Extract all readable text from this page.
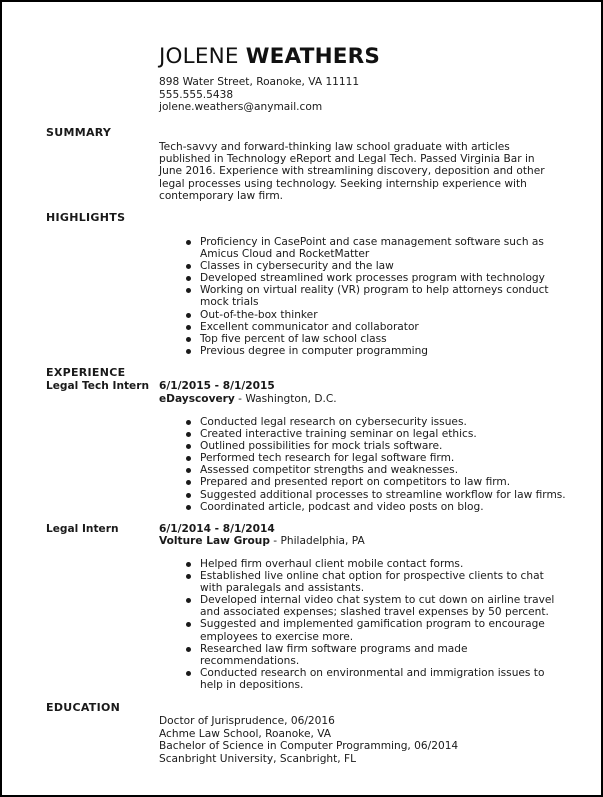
JOLENE WEATHERS
898 Water Street, Roanoke, VA 11111
555.555.5438
jolene.weathers@anymail.com
SUMMARY
Tech-savvy and forward-thinking law school graduate with articles published in Technology eReport and Legal Tech. Passed Virginia Bar in June 2016. Experience with streamlining discovery, deposition and other legal processes using technology. Seeking internship experience with contemporary law firm.
HIGHLIGHTS
Proficiency in CasePoint and case management software such as Amicus Cloud and RocketMatter
Classes in cybersecurity and the law
Developed streamlined work processes program with technology
Working on virtual reality (VR) program to help attorneys conduct mock trials
Out-of-the-box thinker
Excellent communicator and collaborator
Top five percent of law school class
Previous degree in computer programming
EXPERIENCE
Legal Tech Intern 6/1/2015 - 8/1/2015
eDayscovery - Washington, D.C.
Conducted legal research on cybersecurity issues.
Created interactive training seminar on legal ethics.
Outlined possibilities for mock trials software.
Performed tech research for legal software firm.
Assessed competitor strengths and weaknesses.
Prepared and presented report on competitors to law firm.
Suggested additional processes to streamline workflow for law firms.
Coordinated article, podcast and video posts on blog.
Legal Intern	6/1/2014 - 8/1/2014
Volture Law Group - Philadelphia, PA
Helped firm overhaul client mobile contact forms.
Established live online chat option for prospective clients to chat with paralegals and assistants.
Developed internal video chat system to cut down on airline travel and associated expenses; slashed travel expenses by 50 percent.
Suggested and implemented gamification program to encourage employees to exercise more.
Researched law firm software programs and made recommendations.
Conducted research on environmental and immigration issues to help in depositions.
EDUCATION
Doctor of Jurisprudence, 06/2016
Achme Law School, Roanoke, VA
Bachelor of Science in Computer Programming, 06/2014
Scanbright University, Scanbright, FL
